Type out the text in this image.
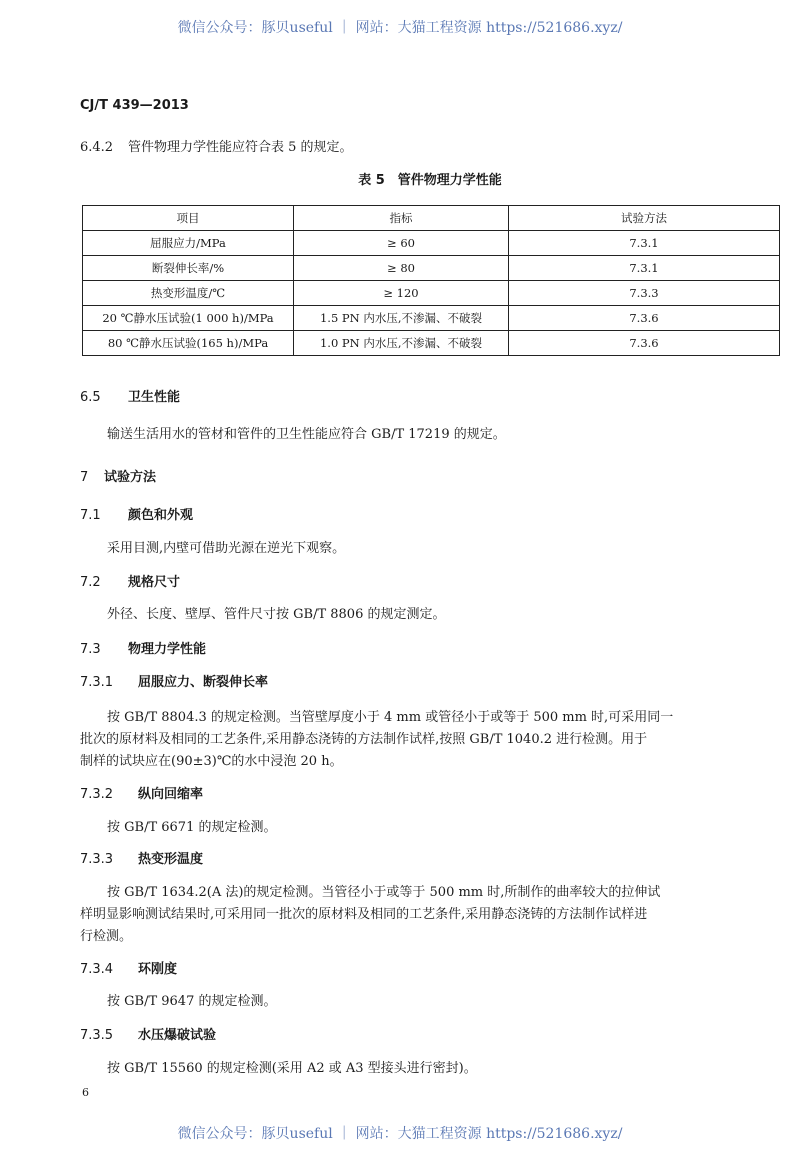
微信公众号：豚贝useful ｜ 网站：大猫工程资源 https://521686.xyz/
CJ/T 439—2013
6.4.2 管件物理力学性能应符合表 5 的规定。
表 5　管件物理力学性能
项目	指标	试验方法
屈服应力/MPa	≥ 60	7.3.1
断裂伸长率/%	≥ 80	7.3.1
热变形温度/℃	≥ 120	7.3.3
20 ℃静水压试验(1 000 h)/MPa	1.5 PN 内水压,不渗漏、不破裂	7.3.6
80 ℃静水压试验(165 h)/MPa	1.0 PN 内水压,不渗漏、不破裂	7.3.6
6.5 卫生性能
输送生活用水的管材和管件的卫生性能应符合 GB/T 17219 的规定。
7 试验方法
7.1 颜色和外观
采用目测,内壁可借助光源在逆光下观察。
7.2 规格尺寸
外径、长度、壁厚、管件尺寸按 GB/T 8806 的规定测定。
7.3 物理力学性能
7.3.1 屈服应力、断裂伸长率
按 GB/T 8804.3 的规定检测。当管壁厚度小于 4 mm 或管径小于或等于 500 mm 时,可采用同一
批次的原材料及相同的工艺条件,采用静态浇铸的方法制作试样,按照 GB/T 1040.2 进行检测。用于
制样的试块应在(90±3)℃的水中浸泡 20 h。
7.3.2 纵向回缩率
按 GB/T 6671 的规定检测。
7.3.3 热变形温度
按 GB/T 1634.2(A 法)的规定检测。当管径小于或等于 500 mm 时,所制作的曲率较大的拉伸试
样明显影响测试结果时,可采用同一批次的原材料及相同的工艺条件,采用静态浇铸的方法制作试样进
行检测。
7.3.4 环刚度
按 GB/T 9647 的规定检测。
7.3.5 水压爆破试验
按 GB/T 15560 的规定检测(采用 A2 或 A3 型接头进行密封)。
6
微信公众号：豚贝useful ｜ 网站：大猫工程资源 https://521686.xyz/
